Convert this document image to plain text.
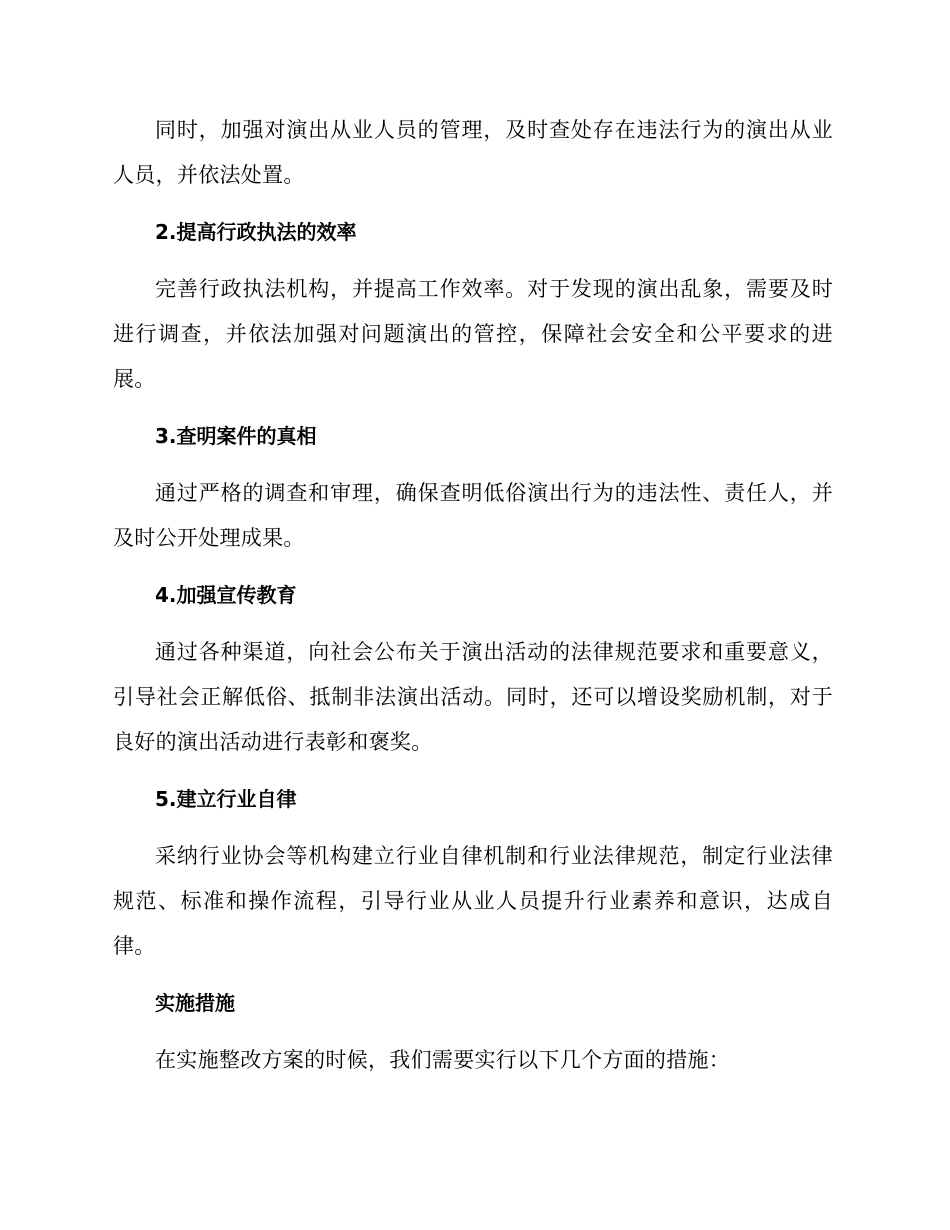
同时，加强对演出从业人员的管理，及时查处存在违法行为的演出从业人员，并依法处置。

2.提高行政执法的效率

完善行政执法机构，并提高工作效率。对于发现的演出乱象，需要及时进行调查，并依法加强对问题演出的管控，保障社会安全和公平要求的进展。

3.查明案件的真相

通过严格的调查和审理，确保查明低俗演出行为的违法性、责任人，并及时公开处理成果。

4.加强宣传教育

通过各种渠道，向社会公布关于演出活动的法律规范要求和重要意义，引导社会正解低俗、抵制非法演出活动。同时，还可以增设奖励机制，对于良好的演出活动进行表彰和褒奖。

5.建立行业自律

采纳行业协会等机构建立行业自律机制和行业法律规范，制定行业法律规范、标准和操作流程，引导行业从业人员提升行业素养和意识，达成自律。

实施措施

在实施整改方案的时候，我们需要实行以下几个方面的措施：
